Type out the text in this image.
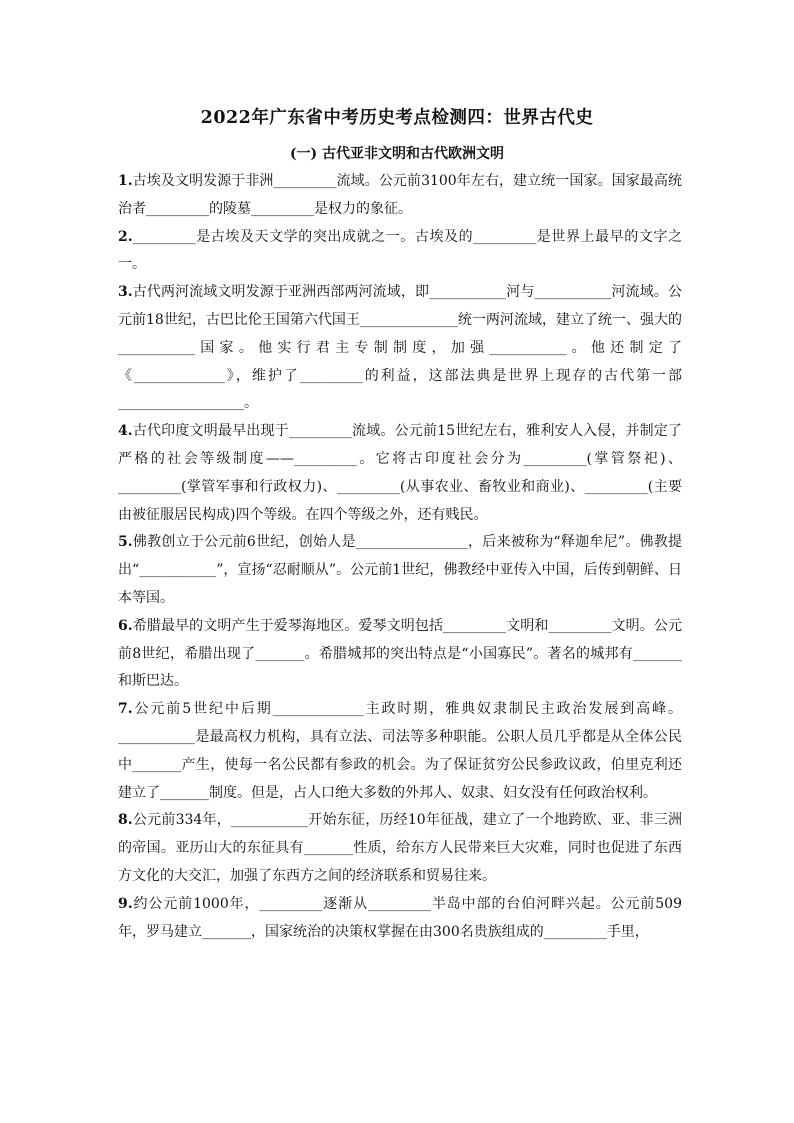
2022年广东省中考历史考点检测四：世界古代史
(一) 古代亚非文明和古代欧洲文明

1.古埃及文明发源于非洲_________流域。公元前3100年左右，建立统一国家。国家最高统治者_________的陵墓_________是权力的象征。

2._________是古埃及天文学的突出成就之一。古埃及的_________是世界上最早的文字之一。

3.古代两河流域文明发源于亚洲西部两河流域，即___________河与___________河流域。公元前18世纪，古巴比伦王国第六代国王______________统一两河流域，建立了统一、强大的___________国家。他实行君主专制制度，加强___________。他还制定了《_____________》，维护了_________的利益，这部法典是世界上现存的古代第一部__________________。

4.古代印度文明最早出现于_________流域。公元前15世纪左右，雅利安人入侵，并制定了严格的社会等级制度——_________。它将古印度社会分为_________(掌管祭祀)、_________(掌管军事和行政权力)、_________(从事农业、畜牧业和商业)、_________(主要由被征服居民构成)四个等级。在四个等级之外，还有贱民。

5.佛教创立于公元前6世纪，创始人是________________，后来被称为“释迦牟尼”。佛教提出“___________”，宣扬“忍耐顺从”。公元前1世纪，佛教经中亚传入中国，后传到朝鲜、日本等国。

6.希腊最早的文明产生于爱琴海地区。爱琴文明包括_________文明和_________文明。公元前8世纪，希腊出现了_______。希腊城邦的突出特点是“小国寡民”。著名的城邦有_______和斯巴达。

7.公元前5世纪中后期_____________主政时期，雅典奴隶制民主政治发展到高峰。___________是最高权力机构，具有立法、司法等多种职能。公职人员几乎都是从全体公民中_______产生，使每一名公民都有参政的机会。为了保证贫穷公民参政议政，伯里克利还建立了_______制度。但是，占人口绝大多数的外邦人、奴隶、妇女没有任何政治权利。

8.公元前334年，___________开始东征，历经10年征战，建立了一个地跨欧、亚、非三洲的帝国。亚历山大的东征具有_______性质，给东方人民带来巨大灾难，同时也促进了东西方文化的大交汇，加强了东西方之间的经济联系和贸易往来。

9.约公元前1000年，_________逐渐从_________半岛中部的台伯河畔兴起。公元前509年，罗马建立_______，国家统治的决策权掌握在由300名贵族组成的_________手里，
